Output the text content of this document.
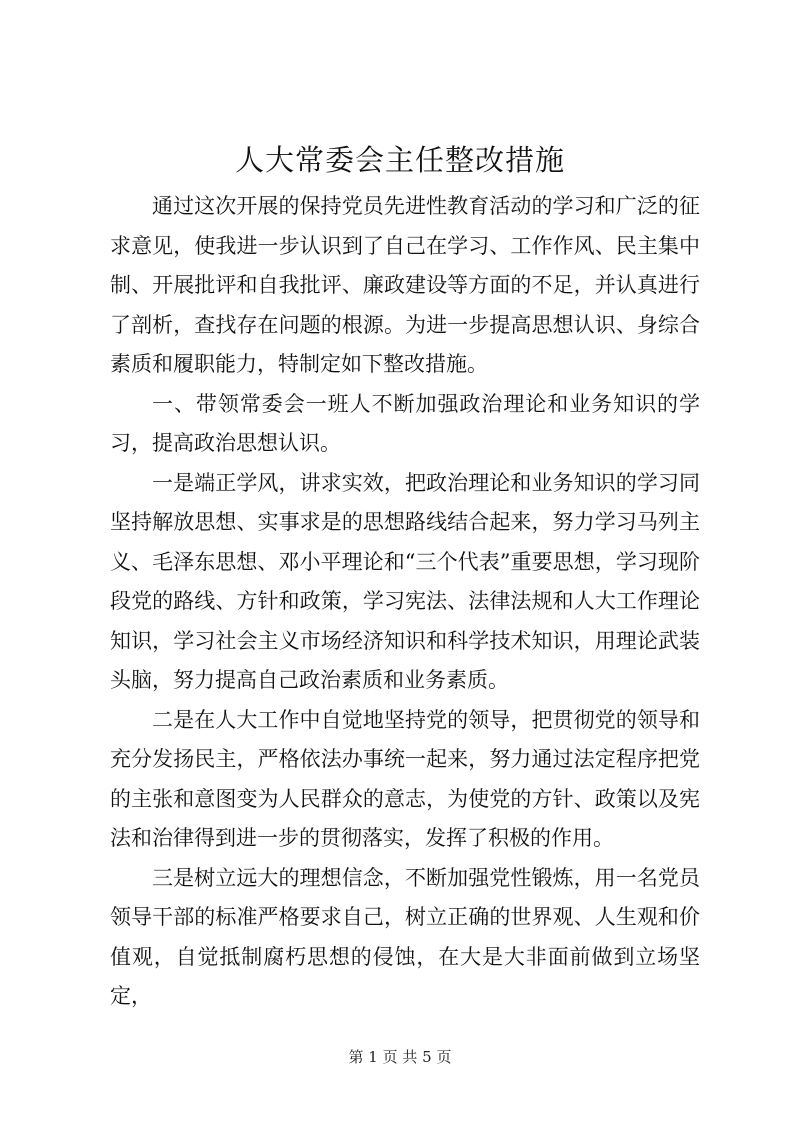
人大常委会主任整改措施

通过这次开展的保持党员先进性教育活动的学习和广泛的征求意见，使我进一步认识到了自己在学习、工作作风、民主集中制、开展批评和自我批评、廉政建设等方面的不足，并认真进行了剖析，查找存在问题的根源。为进一步提高思想认识、身综合素质和履职能力，特制定如下整改措施。

一、带领常委会一班人不断加强政治理论和业务知识的学习，提高政治思想认识。

一是端正学风，讲求实效，把政治理论和业务知识的学习同坚持解放思想、实事求是的思想路线结合起来，努力学习马列主义、毛泽东思想、邓小平理论和“三个代表”重要思想，学习现阶段党的路线、方针和政策，学习宪法、法律法规和人大工作理论知识，学习社会主义市场经济知识和科学技术知识，用理论武装头脑，努力提高自己政治素质和业务素质。

二是在人大工作中自觉地坚持党的领导，把贯彻党的领导和充分发扬民主，严格依法办事统一起来，努力通过法定程序把党的主张和意图变为人民群众的意志，为使党的方针、政策以及宪法和治律得到进一步的贯彻落实，发挥了积极的作用。

三是树立远大的理想信念，不断加强党性锻炼，用一名党员领导干部的标准严格要求自己，树立正确的世界观、人生观和价值观，自觉抵制腐朽思想的侵蚀，在大是大非面前做到立场坚定，

第 1 页 共 5 页
